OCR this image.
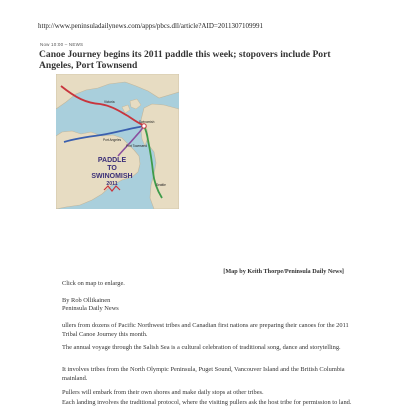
http://www.peninsuladailynews.com/apps/pbcs.dll/article?AID=2011307109991
Now 10:00 – NEWS
Canoe Journey begins its 2011 paddle this week; stopovers include Port Angeles, Port Townsend
Victoria
Swinomish
Port Angeles
Port Townsend
Seattle
PADDLE
TO
SWINOMISH
2011
[Map by Keith Thorpe/Peninsula Daily News]
Click on map to enlarge.
By Rob Ollikainen
Peninsula Daily News
ullers from dozens of Pacific Northwest tribes and Canadian first nations are preparing their canoes for the 2011 Tribal Canoe Journey this month.
The annual voyage through the Salish Sea is a cultural celebration of traditional song, dance and storytelling.
It involves tribes from the North Olympic Peninsula, Puget Sound, Vancouver Island and the British Columbia mainland.
Pullers will embark from their own shores and make daily stops at other tribes.
Each landing involves the traditional protocol, where the visiting pullers ask the host tribe for permission to land.
